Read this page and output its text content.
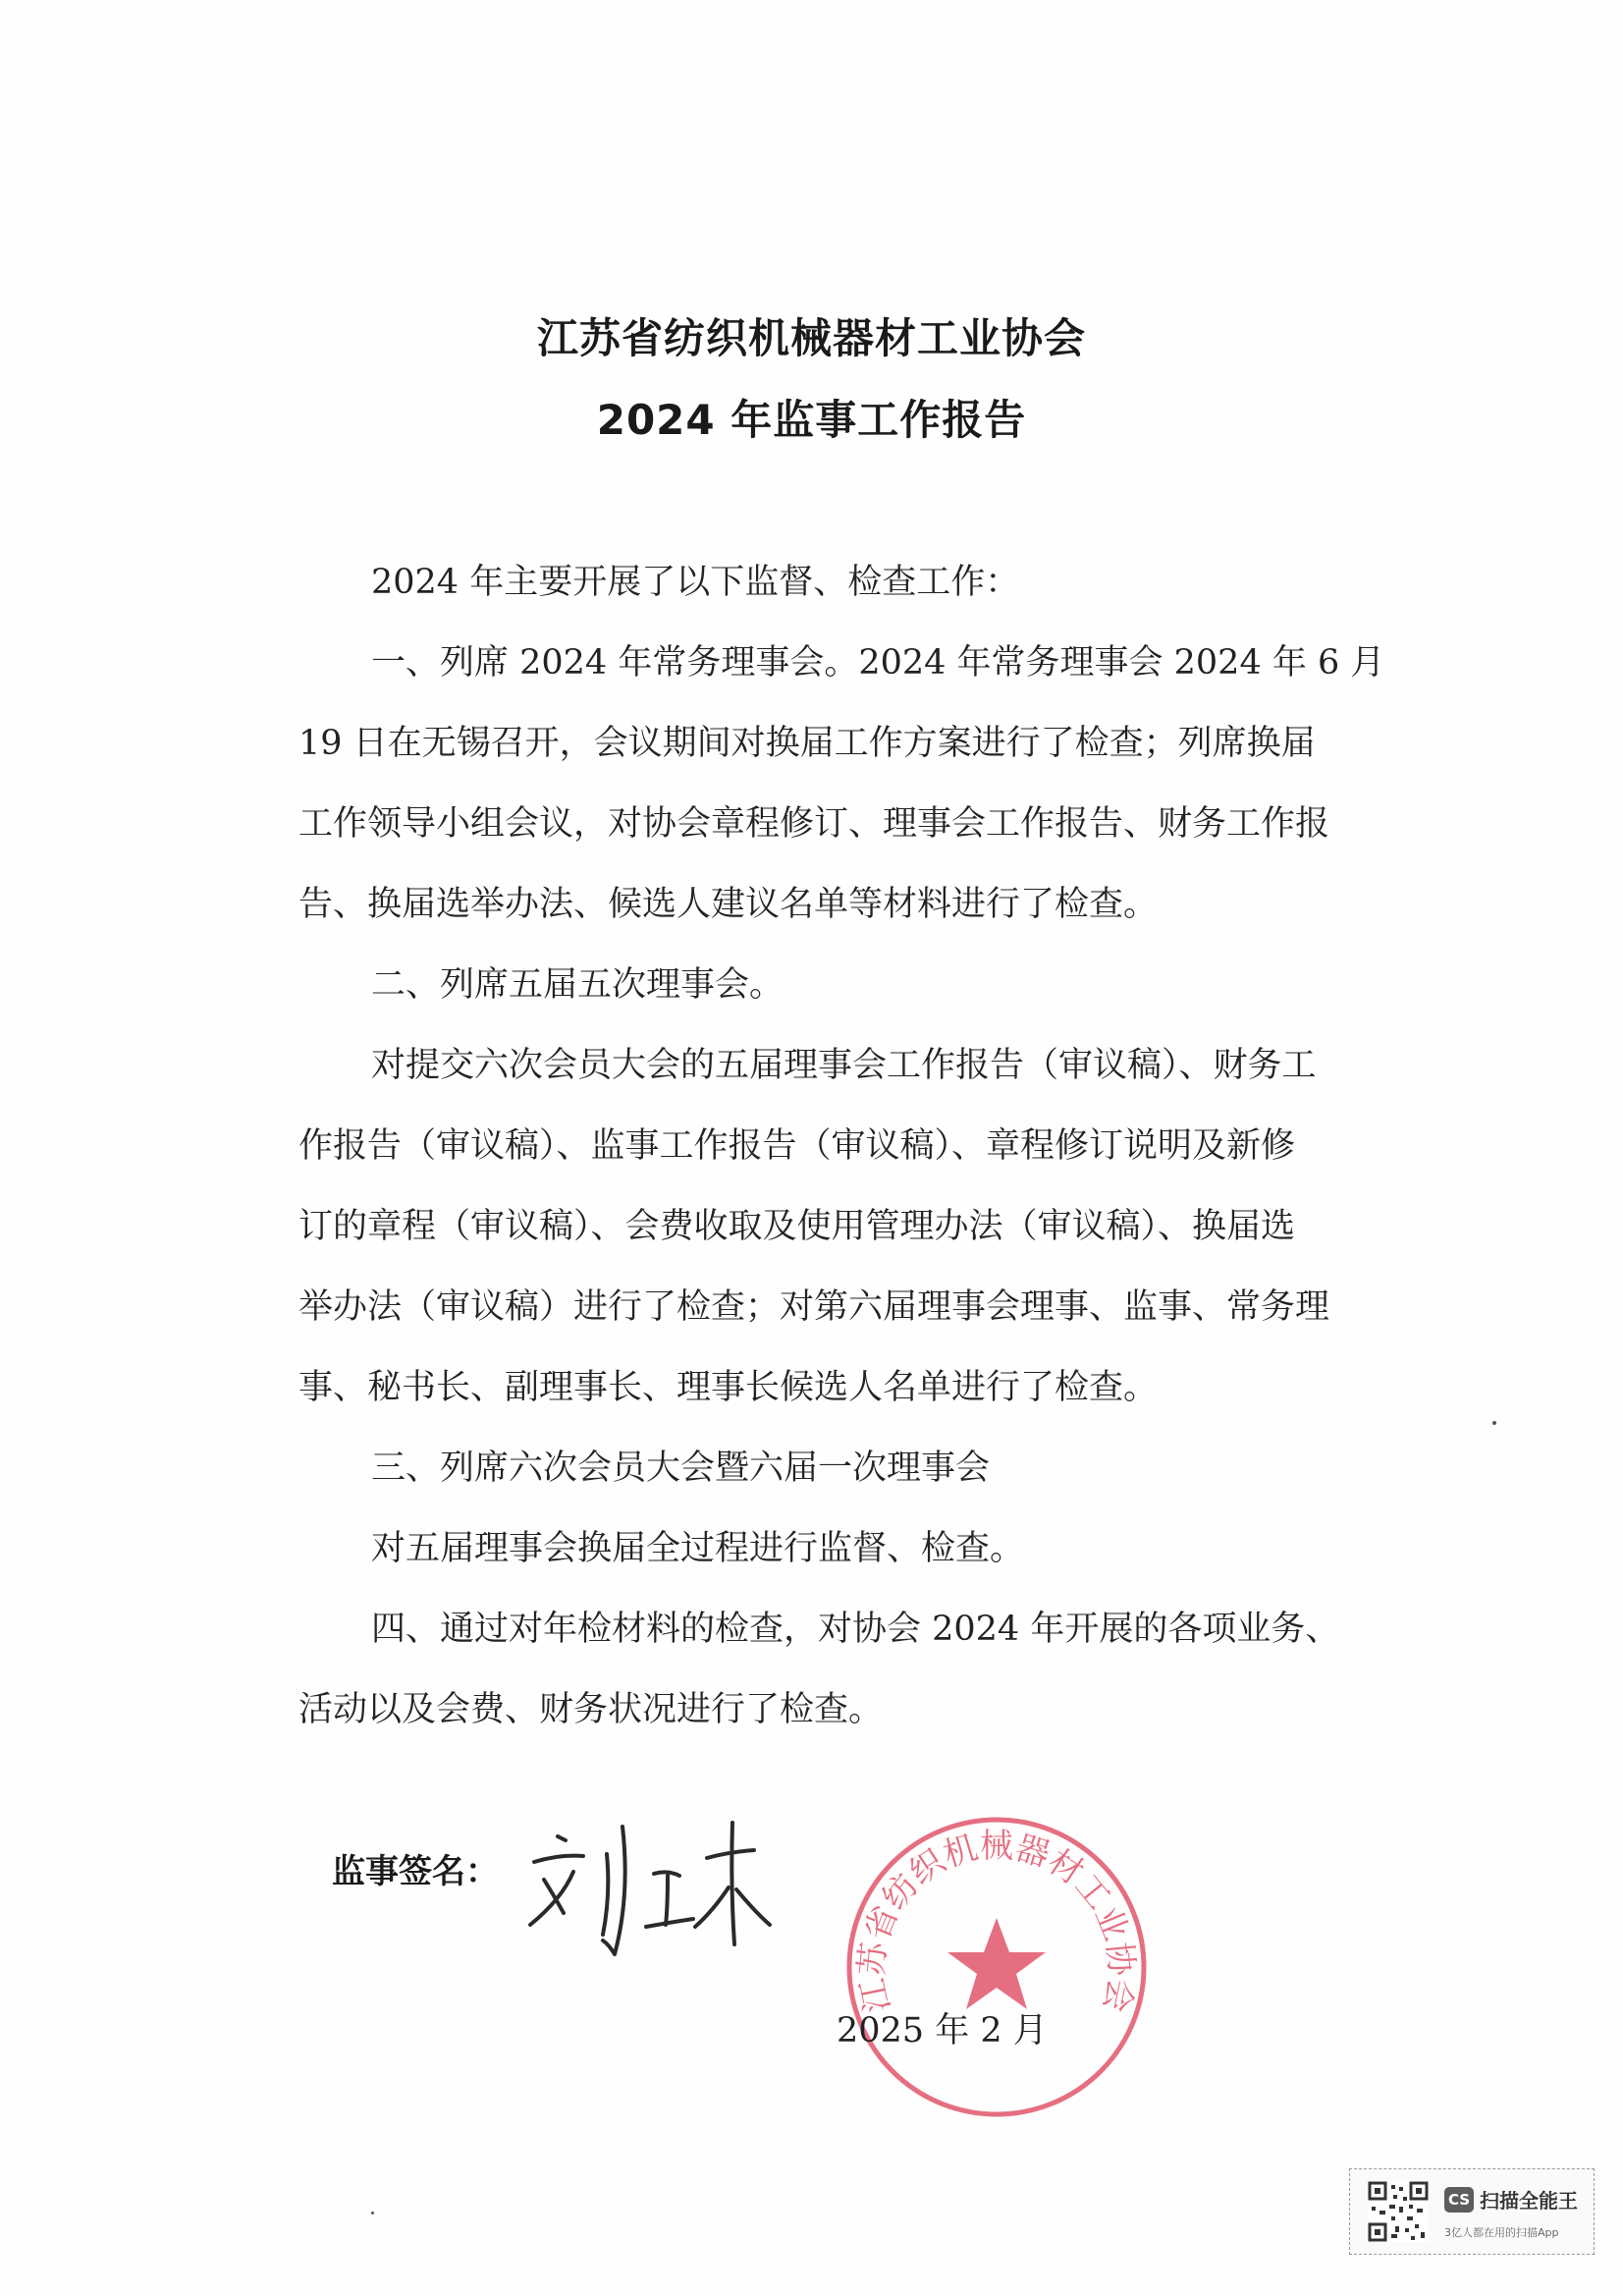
江苏省纺织机械器材工业协会
2024 年监事工作报告
2024 年主要开展了以下监督、检查工作：
一、列席 2024 年常务理事会。2024 年常务理事会 2024 年 6 月
19 日在无锡召开，会议期间对换届工作方案进行了检查；列席换届
工作领导小组会议，对协会章程修订、理事会工作报告、财务工作报
告、换届选举办法、候选人建议名单等材料进行了检查。
二、列席五届五次理事会。
对提交六次会员大会的五届理事会工作报告（审议稿）、财务工
作报告（审议稿）、监事工作报告（审议稿）、章程修订说明及新修
订的章程（审议稿）、会费收取及使用管理办法（审议稿）、换届选
举办法（审议稿）进行了检查；对第六届理事会理事、监事、常务理
事、秘书长、副理事长、理事长候选人名单进行了检查。
三、列席六次会员大会暨六届一次理事会
对五届理事会换届全过程进行监督、检查。
四、通过对年检材料的检查，对协会 2024 年开展的各项业务、
活动以及会费、财务状况进行了检查。
监事签名：
江苏省纺织机械器材工业协会
2025 年 2 月
CS 扫描全能王
3亿人都在用的扫描App
